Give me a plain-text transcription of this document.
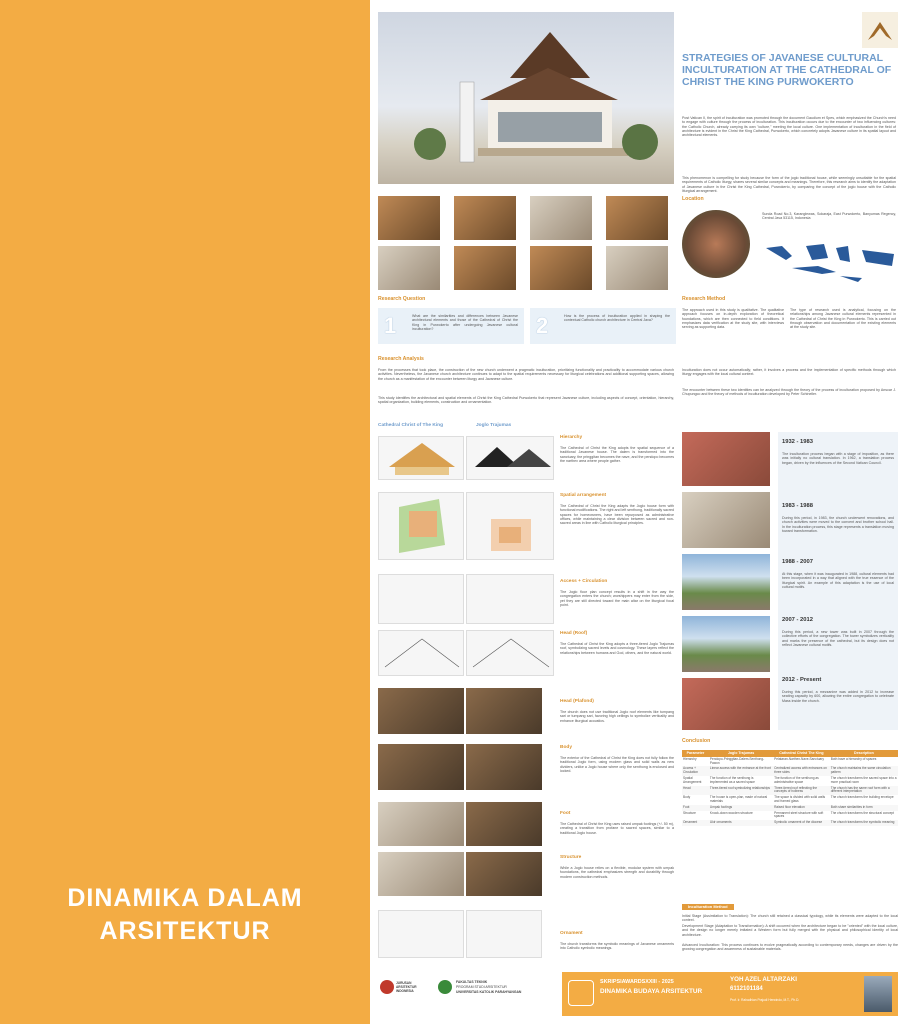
DINAMIKA DALAM
ARSITEKTUR
STRATEGIES OF JAVANESE CULTURAL INCULTURATION AT THE CATHEDRAL OF CHRIST THE KING PURWOKERTO
Post Vatican II, the spirit of inculturation was promoted through the document Gaudium et Spes, which emphasized the Church's need to engage with culture through the process of inculturation. This inculturation occurs due to the encounter of two influencing cultures: the Catholic Church, already carrying its own "culture," meeting the local culture. One implementation of inculturation in the field of architecture is evident in the Christ the King Cathedral, Purwokerto, which concretely adopts Javanese culture in its spatial layout and architectural elements.
This phenomenon is compelling for study because the form of the joglo traditional house, while seemingly unsuitable for the spatial requirements of Catholic liturgy, shares several similar concepts and meanings. Therefore, this research aims to identify the adaptation of Javanese culture in the Christ the King Cathedral, Purwokerto, by comparing the concept of the joglo house with the Catholic liturgical arrangement.
Location
Sunda Road No.3, Karanglewas, Sokaraja, East Purwokerto, Banyumas Regency, Central Java 53115, Indonesia
Research Question
1	What are the similarities and differences between Javanese architectural elements and those of the Cathedral of Christ the King in Purwokerto after undergoing Javanese cultural inculturation?	2	How is the process of inculturation applied in shaping the contextual Catholic church architecture in Central Java?
Research Method
The approach used in this study is qualitative. The qualitative approach focuses on in-depth exploration of theoretical foundations, which are then connected to field conditions. It emphasizes data verification at the study site, with interviews serving as supporting data.
The type of research used is analytical, focusing on the relationships among Javanese cultural elements represented in the Cathedral of Christ the King in Purwokerto. This is carried out through observation and documentation of the existing elements at the study site.
Research Analysis
From the processes that took place, the construction of the new church underwent a pragmatic inculturation, prioritizing functionality and practicality to accommodate various church activities. Nevertheless, the Javanese church architecture continues to adapt to the spatial requirements necessary for liturgical celebrations and additional supporting spaces, allowing the church as a manifestation of the encounter between liturgy and Javanese culture.
This study identifies the architectural and spatial elements of Christ the King Cathedral Purwokerto that represent Javanese culture, including aspects of concept, orientation, hierarchy, spatial organization, building elements, construction and ornamentation.
Inculturation does not occur automatically; rather, it involves a process and the implementation of specific methods through which liturgy engages with the local cultural context.
The encounter between these two identities can be analyzed through the theory of the process of inculturation proposed by Anscar J. Chupungco and the theory of methods of inculturation developed by Peter Schineller.
Cathedral Christ of The King	Joglo Trajumas
Hierarchy
The Cathedral of Christ the King adopts the spatial sequence of a traditional Javanese house. The dalem is transformed into the sanctuary, the pringgitan becomes the nave, and the pendopo becomes the narthex area where people gather.
Spatial arrangement
The Cathedral of Christ the King adapts the Joglo house form with functional modifications. The right and left senthong, traditionally sacred spaces for homeowners, have been repurposed as administrative offices, while maintaining a clear division between sacred and non-sacred areas in line with Catholic liturgical principles.
Access + Circulation
The Joglo floor plan concept results in a shift in the way the congregation enters the church; worshippers may enter from the side, yet they are still directed toward the main altar on the liturgical focal point.
Head (Roof)
The Cathedral of Christ the King adopts a three-tiered Joglo Trajumas roof, symbolizing sacred levels and cosmology. These layers reflect the relationships between humans and God, others, and the natural world.
Head (Plafond)
The church does not use traditional Joglo roof elements like tumpang sari or tumpang sari, favoring high ceilings to symbolize verticality and enhance liturgical acoustics.
Body
The exterior of the Cathedral of Christ the King does not fully follow the traditional Joglo form, using modern glass and solid walls as new dividers, unlike a Joglo house where only the senthong is enclosed and locked.
Foot
The Cathedral of Christ the King uses raised umpak footings (+/- 50 m), creating a transition from profane to sacred spaces, similar to a traditional Joglo house.
Structure
While a Joglo house relies on a flexible, modular system with umpak foundations, the cathedral emphasizes strength and durability through modern construction methods.
Ornament
The church transforms the symbolic meanings of Javanese ornaments into Catholic symbolic meanings.
1932 - 1983
The inculturation process began with a stage of imposition, as there was initially no cultural translation. In 1962, a translation process began, driven by the influences of the Second Vatican Council.
1983 - 1988
During this period, in 1983, the church underwent renovations, and church activities were moved to the convent and brother school hall. In the inculturation process, this stage represents a translation moving toward transformation.
1988 - 2007
At this stage, when it was inaugurated in 1988, cultural elements had been incorporated in a way that aligned with the true essence of the liturgical spirit. An example of this adaptation is the use of local cultural motifs.
2007 - 2012
During this period, a new tower was built in 2007 through the collective efforts of the congregation. The tower symbolizes verticality and marks the presence of the cathedral, but its design does not reflect Javanese cultural motifs.
2012 - Present
During this period, a mezzanine was added in 2012 to increase seating capacity by 600, allowing the entire congregation to celebrate Mass inside the church.
Conclusion
Parameter	Joglo Trajumas	Cathedral Christ The King	Description
Hierarchy	Pendopo-Pringgitan-Dalem-Senthong-Pawon	Pelataran-Narthex-Nave-Sanctuary	Both have a hierarchy of spaces
Access + Circulation	Linear access with the entrance at the front	Centralized access with entrances on three sides	The church maintains the same circulation pattern
Spatial Arrangement	The function of the senthong is implemented as a sacred space	The function of the senthong as administrative space	The church transforms the sacred space into a more practical room
Head	Three-tiered roof symbolizing relationships	Three-tiered roof reflecting the concepts of holiness	The church has the same roof form with a different interpretation
Body	The house is open-plan, made of natural materials	The space is divided with solid walls and framed glass	The church transforms the building envelope
Foot	Umpak footings	Raised floor elevation	Both share similarities in form
Structure	Knock-down wooden structure	Permanent steel structure with soft spaces	The church transforms the structural concept
Ornament	Ukir ornaments	Symbolic ornament of the diocese	The church transforms the symbolic meaning
Inculturation Method
Initial Stage (Assimilation to Translation): The church still retained a classical typology, while its elements were adapted to the local context.
Development Stage (Adaptation to Transformation): A shift occurred when the architecture began to be "oriented" with the local culture, and the design no longer merely imitated a Western form but fully merged with the physical and philosophical identity of local architecture.
Advanced Inculturation: This process continues to evolve pragmatically according to contemporary needs, changes are driven by the growing congregation and awareness of sustainable materials.
JURUSAN ARSITEKTUR INDONESIA
FAKULTAS TEKNIK
PROGRAM STUDI ARSITEKTUR
UNIVERSITAS KATOLIK PARAHYANGAN
SKRIPSIAWARDSXXIII - 2025
DINAMIKA BUDAYA ARSITEKTUR
YOH AZEL ALTARZAKI
6112101184
Prof. Ir. Rahadhian Prajudi Herwindo, M.T., Ph.D.
